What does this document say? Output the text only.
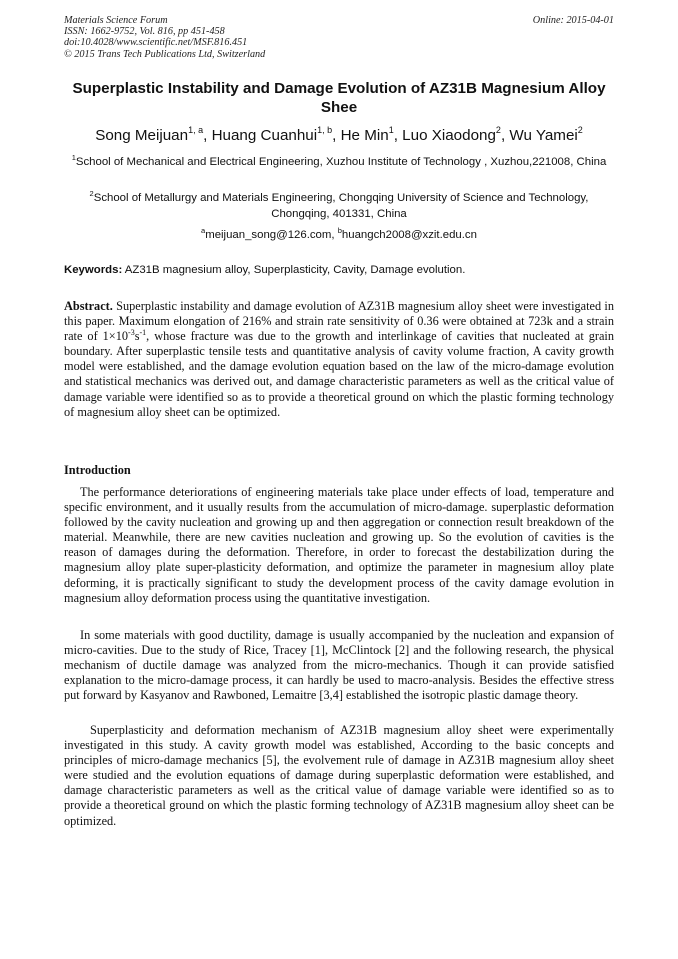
Materials Science Forum
ISSN: 1662-9752, Vol. 816, pp 451-458
doi:10.4028/www.scientific.net/MSF.816.451
© 2015 Trans Tech Publications Ltd, Switzerland
Online: 2015-04-01
Superplastic Instability and Damage Evolution of AZ31B Magnesium Alloy Shee
Song Meijuan$^{1, a}$, Huang Cuanhui$^{1, b}$, He Min$^1$, Luo Xiaodong$^2$, Wu Yamei$^2$
$^1$School of Mechanical and Electrical Engineering, Xuzhou Institute of Technology , Xuzhou,221008, China
$^2$School of Metallurgy and Materials Engineering, Chongqing University of Science and Technology, Chongqing, 401331, China
$^a$meijuan_song@126.com, $^b$huangch2008@xzit.edu.cn
Keywords: AZ31B magnesium alloy, Superplasticity, Cavity, Damage evolution.
Abstract. Superplastic instability and damage evolution of AZ31B magnesium alloy sheet were investigated in this paper. Maximum elongation of 216% and strain rate sensitivity of 0.36 were obtained at 723k and a strain rate of $1\times 10^{-3}s^{-1}$, whose fracture was due to the growth and interlinkage of cavities that nucleated at grain boundary. After superplastic tensile tests and quantitative analysis of cavity volume fraction, A cavity growth model were established, and the damage evolution equation based on the law of the micro-damage evolution and statistical mechanics was derived out, and damage characteristic parameters as well as the critical value of damage variable were identified so as to provide a theoretical ground on which the plastic forming technology of magnesium alloy sheet can be optimized.
Introduction

The performance deteriorations of engineering materials take place under effects of load, temperature and specific environment, and it usually results from the accumulation of micro-damage. superplastic deformation followed by the cavity nucleation and growing up and then aggregation or connection result breakdown of the material. Meanwhile, there are new cavities nucleation and growing up. So the evolution of cavities is the reason of damages during the deformation. Therefore, in order to forecast the destabilization during the magnesium alloy plate super-plasticity deformation, and optimize the parameter in magnesium alloy plate deforming, it is practically significant to study the development process of the cavity damage evolution in magnesium alloy deformation process using the quantitative investigation.

In some materials with good ductility, damage is usually accompanied by the nucleation and expansion of micro-cavities. Due to the study of Rice, Tracey [1], McClintock [2] and the following research, the physical mechanism of ductile damage was analyzed from the micro-mechanics. Though it can provide satisfied explanation to the micro-damage process, it can hardly be used to macro-analysis. Besides the effective stress put forward by Kasyanov and Rawboned, Lemaitre [3,4] established the isotropic plastic damage theory.

Superplasticity and deformation mechanism of AZ31B magnesium alloy sheet were experimentally investigated in this study. A cavity growth model was established, According to the basic concepts and principles of micro-damage mechanics [5], the evolvement rule of damage in AZ31B magnesium alloy sheet were studied and the evolution equations of damage during superplastic deformation were established, and damage characteristic parameters as well as the critical value of damage variable were identified so as to provide a theoretical ground on which the plastic forming technology of AZ31B magnesium alloy sheet can be optimized.
